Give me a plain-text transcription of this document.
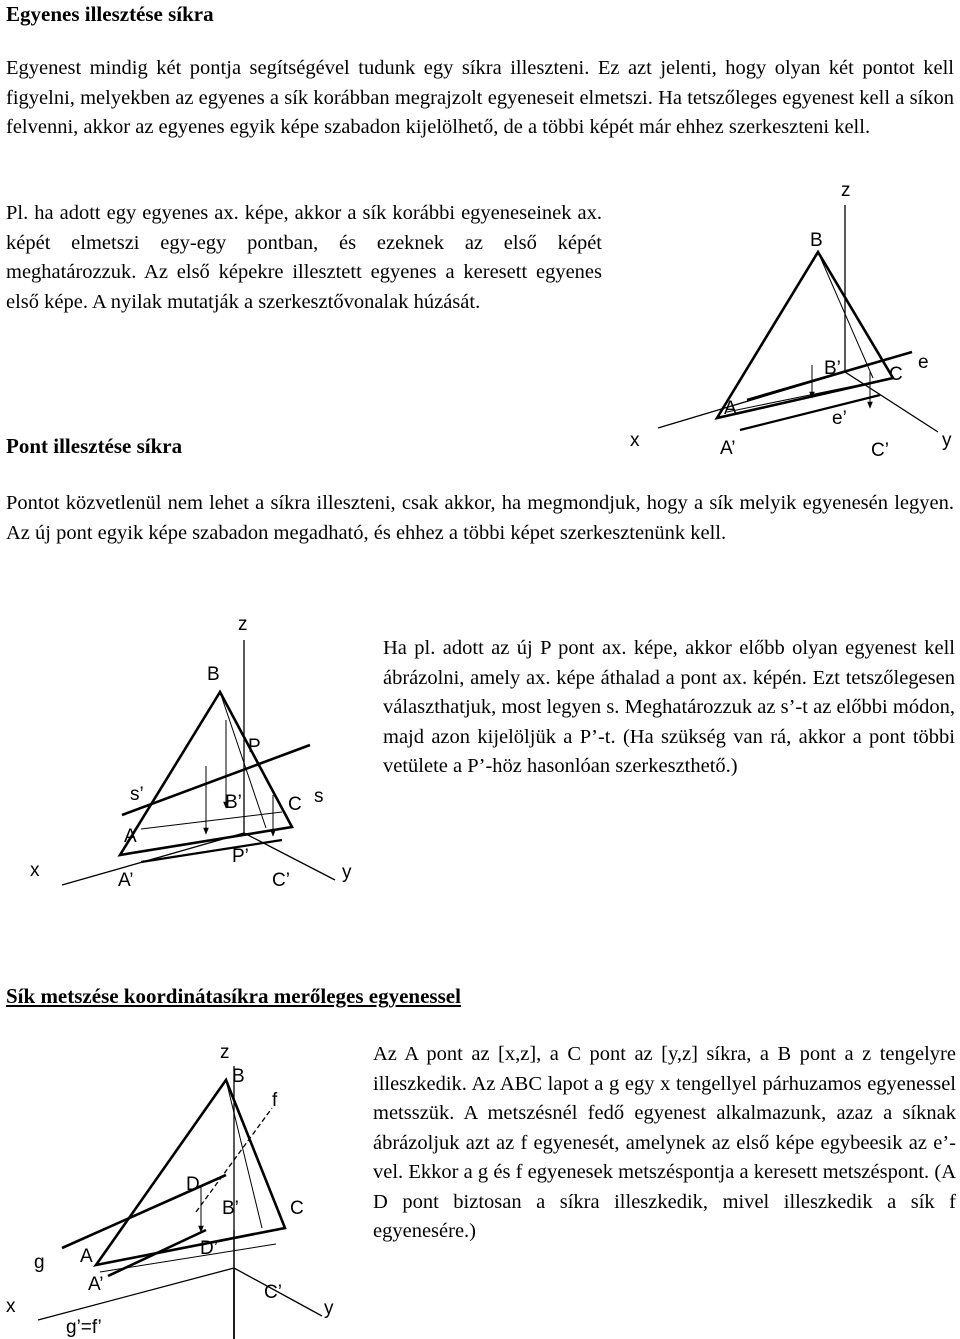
Egyenes illesztése síkra

Egyenest mindig két pontja segítségével tudunk egy síkra illeszteni. Ez azt jelenti, hogy olyan két pontot kell figyelni, melyekben az egyenes a sík korábban megrajzolt egyeneseit elmetszi. Ha tetszőleges egyenest kell a síkon felvenni, akkor az egyenes egyik képe szabadon kijelölhető, de a többi képét már ehhez szerkeszteni kell.

Pl. ha adott egy egyenes ax. képe, akkor a sík korábbi egyeneseinek ax. képét elmetszi egy-egy pontban, és ezeknek az első képét meghatározzuk. Az első képekre illesztett egyenes a keresett egyenes első képe. A nyilak mutatják a szerkesztővonalak húzását.

Pont illesztése síkra

Pontot közvetlenül nem lehet a síkra illeszteni, csak akkor, ha megmondjuk, hogy a sík melyik egyenesén legyen. Az új pont egyik képe szabadon megadható, és ehhez a többi képet szerkesztenünk kell.

Ha pl. adott az új P pont ax. képe, akkor előbb olyan egyenest kell ábrázolni, amely ax. képe áthalad a pont ax. képén. Ezt tetszőlegesen választhatjuk, most legyen s. Meghatározzuk az s’-t az előbbi módon, majd azon kijelöljük a P’-t. (Ha szükség van rá, akkor a pont többi vetülete a P’-höz hasonlóan szerkeszthető.)

Sík metszése koordinátasíkra merőleges egyenessel

Az A pont az [x,z], a C pont az [y,z] síkra, a B pont a z tengelyre illeszkedik. Az ABC lapot a g egy x tengellyel párhuzamos egyenessel metsszük. A metszésnél fedő egyenest alkalmazunk, azaz a síknak ábrázoljuk azt az f egyenesét, amelynek az első képe egybeesik az e’-vel. Ekkor a g és f egyenesek metszéspontja a keresett metszéspont. (A D pont biztosan a síkra illeszkedik, mivel illeszkedik a sík f egyenesére.)

z
B
B’	C
e
e’
A
A’	C’
x	y
z
B
P
s’	B’ C s
A
P’
x	A’	C’	y
z
B
f
D
B’	C
g A	D’
A’	C’
x	y
g’=f’
